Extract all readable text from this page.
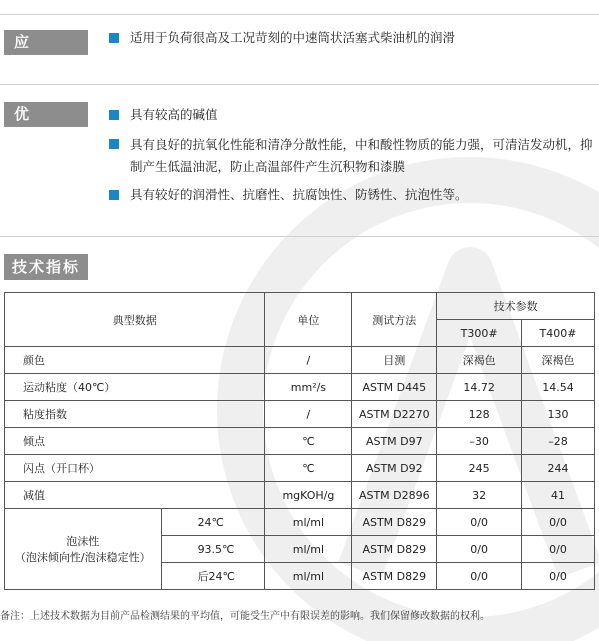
应 用
适用于负荷很高及工况苛刻的中速筒状活塞式柴油机的润滑
优 势
具有较高的碱值
具有良好的抗氧化性能和清净分散性能，中和酸性物质的能力强，可清洁发动机，抑制产生低温油泥，防止高温部件产生沉积物和漆膜
具有较好的润滑性、抗磨性、抗腐蚀性、防锈性、抗泡性等。
技术指标
典型数据		单位	测试方法	技术参数	
				T300#	T400#
颜色		/	目测	深褐色	深褐色
运动粘度（40℃）		mm²/s	ASTM D445	14.72	14.54
粘度指数		/	ASTM D2270	128	130
倾点		℃	ASTM D97	–30	–28
闪点（开口杯）		℃	ASTM D92	245	244
减值		mgKOH/g	ASTM D2896	32	41

泡沫性
（泡沫倾向性/泡沫稳定性）	24℃	ml/ml	ASTM D829	0/0	0/0
	93.5℃	ml/ml	ASTM D829	0/0	0/0
	后24℃	ml/ml	ASTM D829	0/0	0/0
备注：上述技术数据为目前产品检测结果的平均值，可能受生产中有限误差的影响。我们保留修改数据的权利。
